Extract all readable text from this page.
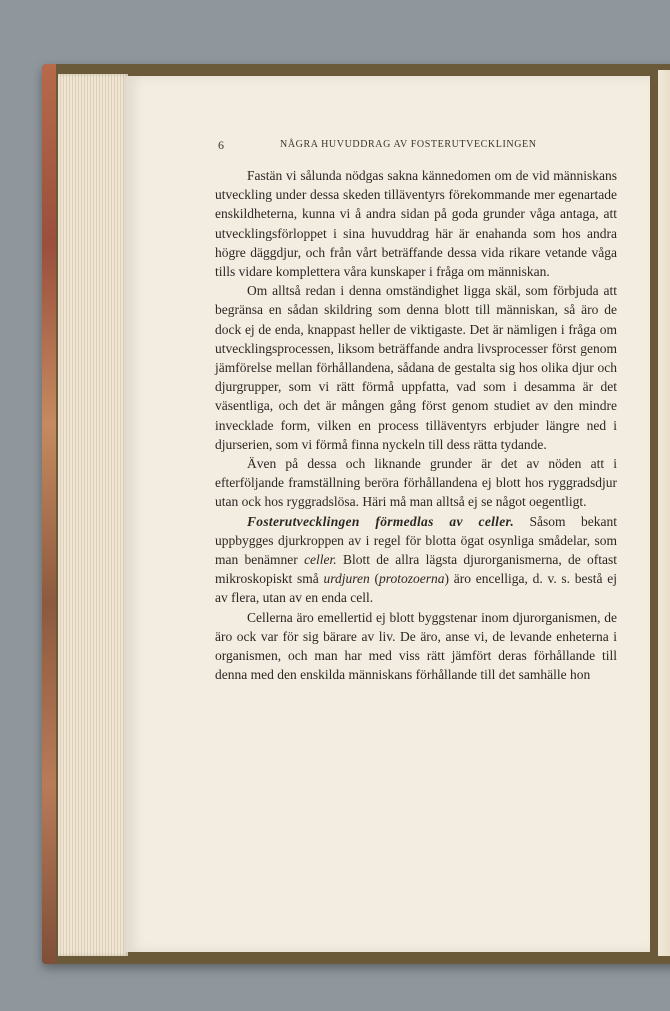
6	NÅGRA HUVUDDRAG AV FOSTERUTVECKLINGEN

Fastän vi sålunda nödgas sakna kännedomen om de vid människans utveckling under dessa skeden tilläventyrs förekommande mer egenartade enskildheterna, kunna vi å andra sidan på goda grunder våga antaga, att utvecklingsförloppet i sina huvuddrag här är enahanda som hos andra högre däggdjur, och från vårt beträffande dessa vida rikare vetande våga tills vidare komplettera våra kunskaper i fråga om människan.

Om alltså redan i denna omständighet ligga skäl, som förbjuda att begränsa en sådan skildring som denna blott till människan, så äro de dock ej de enda, knappast heller de viktigaste. Det är nämligen i fråga om utvecklingsprocessen, liksom beträffande andra livsprocesser först genom jämförelse mellan förhållandena, sådana de gestalta sig hos olika djur och djurgrupper, som vi rätt förmå uppfatta, vad som i desamma är det väsentliga, och det är mången gång först genom studiet av den mindre invecklade form, vilken en process tilläventyrs erbjuder längre ned i djurserien, som vi förmå finna nyckeln till dess rätta tydande.

Även på dessa och liknande grunder är det av nöden att i efterföljande framställning beröra förhållandena ej blott hos ryggradsdjur utan ock hos ryggradslösa. Häri må man alltså ej se något oegentligt.

Fosterutvecklingen förmedlas av celler. Såsom bekant uppbygges djurkroppen av i regel för blotta ögat osynliga smådelar, som man benämner celler. Blott de allra lägsta djurorganismerna, de oftast mikroskopiskt små urdjuren (protozoerna) äro encelliga, d. v. s. bestå ej av flera, utan av en enda cell.

Cellerna äro emellertid ej blott byggstenar inom djurorganismen, de äro ock var för sig bärare av liv. De äro, anse vi, de levande enheterna i organismen, och man har med viss rätt jämfört deras förhållande till denna med den enskilda människans förhållande till det samhälle hon
